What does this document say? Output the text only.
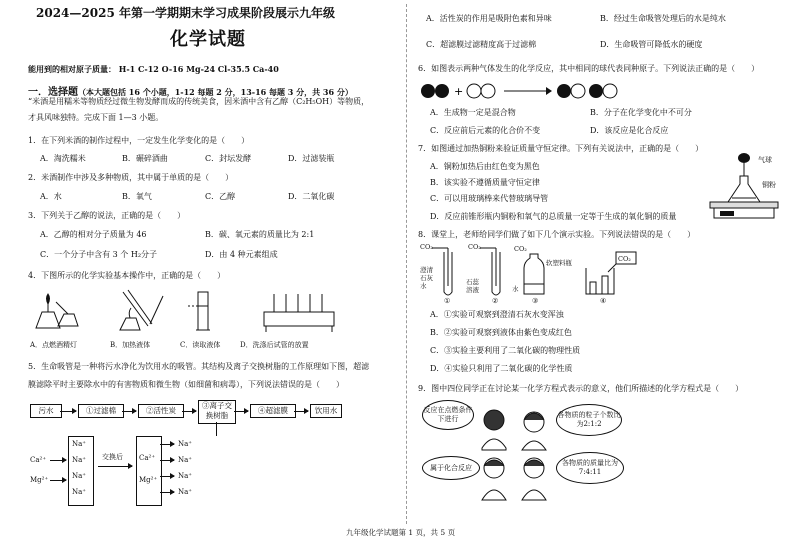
2024—2025 年第一学期期末学习成果阶段展示九年级
化学试题
能用到的相对原子质量： H-1 C-12 O-16 Mg-24 Cl-35.5 Ca-40
一．选择题（本大题包括 16 个小题，1-12 每题 2 分，13-16 每题 3 分，共 36 分）
“米酒是用糯米等物质经过微生物发酵而成的传统美食，因米酒中含有乙醇（C₂H₅OH）等物质，
才具风味独特。完成下面 1—3 小题。
1．在下列米酒的制作过程中，一定发生化学变化的是（　　）
A．淘洗糯米	B．碾碎酒曲	C．封坛发酵	D．过滤装瓶
2．米酒制作中涉及多种物质，其中属于单质的是（　　）
A．水	B．氧气	C．乙醇	D．二氧化碳
3．下列关于乙醇的说法，正确的是（　　）
A．乙醇的相对分子质量为 46	B．碳、氧元素的质量比为 2:1
C．一个分子中含有 3 个 H₂分子	D．由 4 种元素组成
4．下图所示的化学实验基本操作中，正确的是（　　）
A．点燃酒精灯	B．加热液体	C．读取液体	D．洗涤后试管的放置
5．生命吸管是一种将污水净化为饮用水的吸管。其结构及离子交换树脂的工作原理如下图，超滤
膜滤除平时主要除水中的有害物质和微生物（如细菌和病毒），下列说法错误的是（　　）
污水	①过滤棉	②活性炭
③离子交换树脂
④超滤膜	饮用水
Ca²⁺
Mg²⁺
Na⁺
Na⁺
Na⁺
Na⁺
交换后 Ca²⁺
Mg²⁺
Na⁺
Na⁺
Na⁺
Na⁺
A．活性炭的作用是吸附色素和异味	B．经过生命吸管处理后的水是纯水
C．超滤膜过滤精度高于过滤棉	D．生命吸管可降低水的硬度
6．如图表示两种气体发生的化学反应，其中相同的球代表同种原子。下列说法正确的是（　　）
+
A．生成物一定是混合物	B．分子在化学变化中不可分
C．反应前后元素的化合价不变	D．该反应是化合反应
7．如图通过加热铜粉来验证质量守恒定律。下列有关说法中，正确的是（　　）
A．铜粉加热后由红色变为黑色
B．该实验不遵循质量守恒定律
C．可以用玻璃棒来代替玻璃导管
D．反应前锥形瓶内铜粉和氧气的总质量一定等于生成的氧化铜的质量
气球
铜粉
8．课堂上，老师给同学们做了如下几个演示实验。下列说法错误的是（　　）
CO₂	CO₂	CO₂
CO₂
澄清石灰水	石蕊溶液
软塑料瓶
水
①	②	③	④
A．①实验可观察到澄清石灰水变浑浊
B．②实验可观察到液体由紫色变成红色
C．③实验主要利用了二氧化碳的物理性质
D．④实验只利用了二氧化碳的化学性质
9．图中四位同学正在讨论某一化学方程式表示的意义，他们所描述的化学方程式是（　　）
反应在点燃条件下进行	各物质的粒子个数比为2:1:2
属于化合反应
各物质的质量比为7:4:11
九年级化学试题第 1 页，共 5 页
